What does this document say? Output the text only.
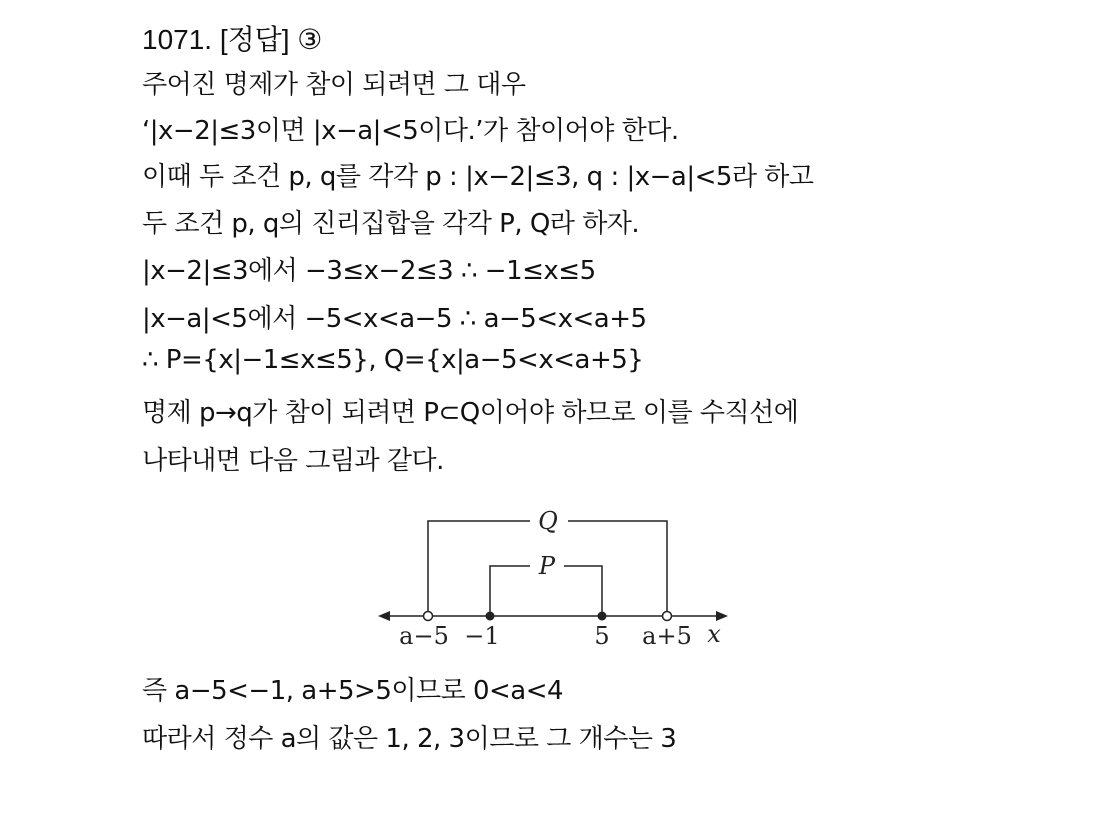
1071. [정답] ③
주어진 명제가 참이 되려면 그 대우
‘|x−2|≤3이면 |x−a|<5이다.’가 참이어야 한다.
이때 두 조건 p, q를 각각 p : |x−2|≤3, q : |x−a|<5라 하고
두 조건 p, q의 진리집합을 각각 P, Q라 하자.
|x−2|≤3에서 −3≤x−2≤3 ∴ −1≤x≤5
|x−a|<5에서 −5<x<a−5 ∴ a−5<x<a+5
∴ P={x|−1≤x≤5}, Q={x|a−5<x<a+5}
명제 p→q가 참이 되려면 P⊂Q이어야 하므로 이를 수직선에
나타내면 다음 그림과 같다.
Q
P
a−5 −1	5 a+5 x
즉 a−5<−1, a+5>5이므로 0<a<4
따라서 정수 a의 값은 1, 2, 3이므로 그 개수는 3
